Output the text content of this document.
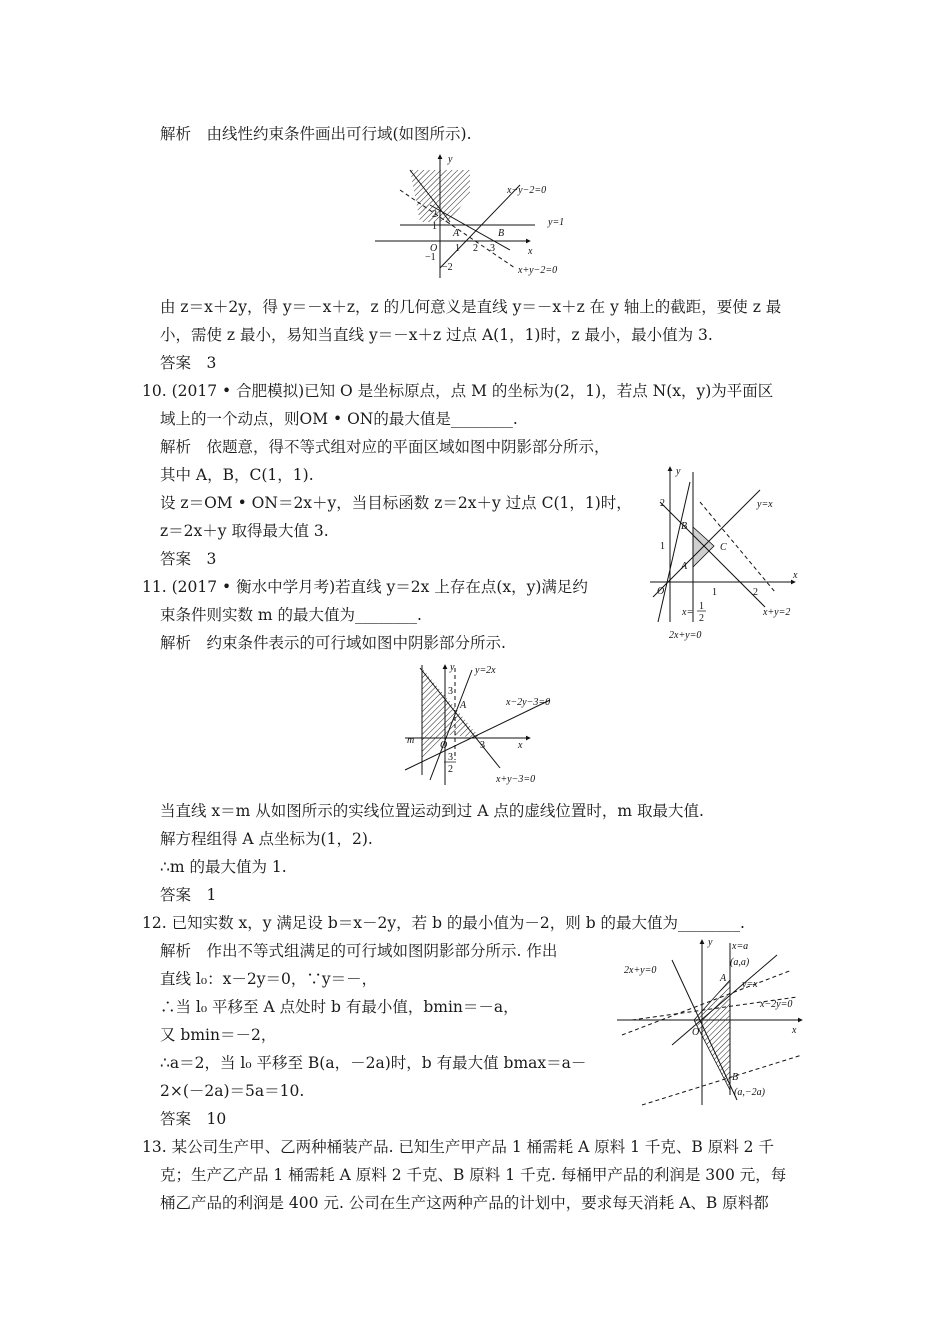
解析　由线性约束条件画出可行域(如图所示).
y
x
O
A	B
1 2 3
−1
−2
1
2
x−y−2=0
y=1
x+y−2=0
由 z＝x＋2y，得 y＝－x＋z，z 的几何意义是直线 y＝－x＋z 在 y 轴上的截距，要使 z 最
小，需使 z 最小，易知当直线 y＝－x＋z 过点 A(1，1)时，z 最小，最小值为 3.
答案　3
10. (2017 • 合肥模拟)已知 O 是坐标原点，点 M 的坐标为(2，1)，若点 N(x，y)为平面区
域上的一个动点，则OM • ON的最大值是________.
解析　依题意，得不等式组对应的平面区域如图中阴影部分所示，
其中 A，B，C(1，1).
设 z＝OM • ON＝2x＋y，当目标函数 z＝2x＋y 过点 C(1，1)时，
z＝2x＋y 取得最大值 3.
答案　3
11. (2017 • 衡水中学月考)若直线 y＝2x 上存在点(x，y)满足约
束条件则实数 m 的最大值为________.
y
x
O
A
B
C
1	2
1
2	y=x
x=
1
2
x+y=2
2x+y=0
解析　约束条件表示的可行域如图中阴影部分所示.
y
x
O
A
m	3
3
3
2
y=2x
x−2y−3=0
x+y−3=0
当直线 x＝m 从如图所示的实线位置运动到过 A 点的虚线位置时，m 取最大值.
解方程组得 A 点坐标为(1，2).
∴m 的最大值为 1.
答案　1
12. 已知实数 x，y 满足设 b＝x－2y，若 b 的最小值为－2，则 b 的最大值为________.
解析　作出不等式组满足的可行域如图阴影部分所示. 作出
直线 l₀：x－2y＝0，∵y＝－，
∴当 l₀ 平移至 A 点处时 b 有最小值，bmin＝－a，
又 bmin＝－2，
∴a＝2，当 l₀ 平移至 B(a，－2a)时，b 有最大值 bmax＝a－
2×(－2a)＝5a＝10.
答案　10
y
x
O
A
B
x=a
(a,a)
y=x
x−2y=0
2x+y=0
(a,−2a)
13. 某公司生产甲、乙两种桶装产品. 已知生产甲产品 1 桶需耗 A 原料 1 千克、B 原料 2 千
克；生产乙产品 1 桶需耗 A 原料 2 千克、B 原料 1 千克. 每桶甲产品的利润是 300 元，每
桶乙产品的利润是 400 元. 公司在生产这两种产品的计划中，要求每天消耗 A、B 原料都
